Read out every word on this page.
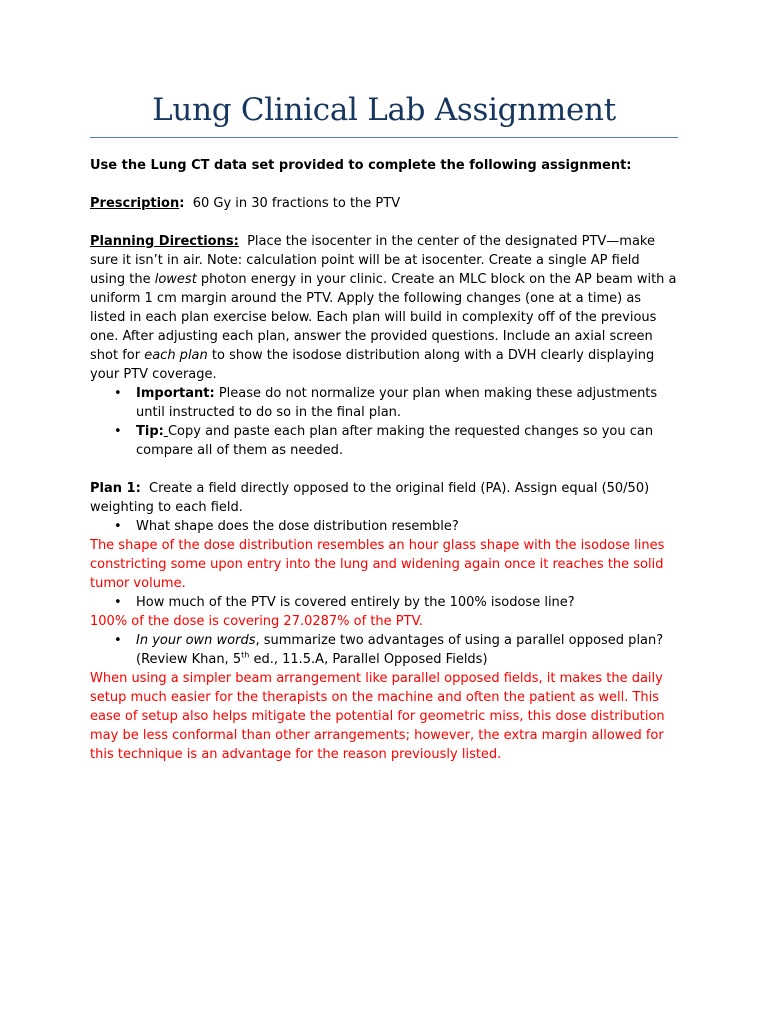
Lung Clinical Lab Assignment

Use the Lung CT data set provided to complete the following assignment:

Prescription: 60 Gy in 30 fractions to the PTV

Planning Directions: Place the isocenter in the center of the designated PTV—make sure it isn’t in air. Note: calculation point will be at isocenter. Create a single AP field using the lowest photon energy in your clinic. Create an MLC block on the AP beam with a uniform 1 cm margin around the PTV. Apply the following changes (one at a time) as listed in each plan exercise below. Each plan will build in complexity off of the previous one. After adjusting each plan, answer the provided questions. Include an axial screen shot for each plan to show the isodose distribution along with a DVH clearly displaying your PTV coverage.

• Important: Please do not normalize your plan when making these adjustments until instructed to do so in the final plan.
• Tip: Copy and paste each plan after making the requested changes so you can compare all of them as needed.

Plan 1: Create a field directly opposed to the original field (PA). Assign equal (50/50) weighting to each field.

• What shape does the dose distribution resemble?

The shape of the dose distribution resembles an hour glass shape with the isodose lines constricting some upon entry into the lung and widening again once it reaches the solid tumor volume.

• How much of the PTV is covered entirely by the 100% isodose line?

100% of the dose is covering 27.0287% of the PTV.

• In your own words, summarize two advantages of using a parallel opposed plan?
(Review Khan, 5th ed., 11.5.A, Parallel Opposed Fields)

When using a simpler beam arrangement like parallel opposed fields, it makes the daily setup much easier for the therapists on the machine and often the patient as well. This ease of setup also helps mitigate the potential for geometric miss, this dose distribution may be less conformal than other arrangements; however, the extra margin allowed for this technique is an advantage for the reason previously listed.
